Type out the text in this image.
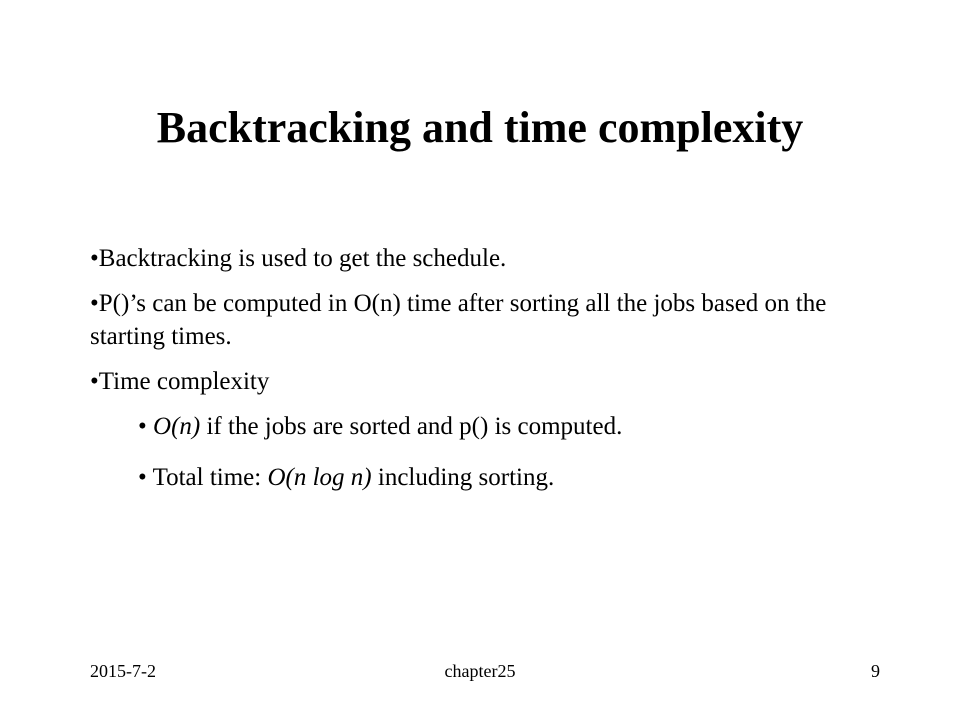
Backtracking and time complexity
•Backtracking is used to get the schedule.
•P()’s can be computed in O(n) time after sorting all the jobs based on the starting times.
•Time complexity
• O(n) if the jobs are sorted and p() is computed.
• Total time: O(n log n) including sorting.
2015-7-2	chapter25	9
